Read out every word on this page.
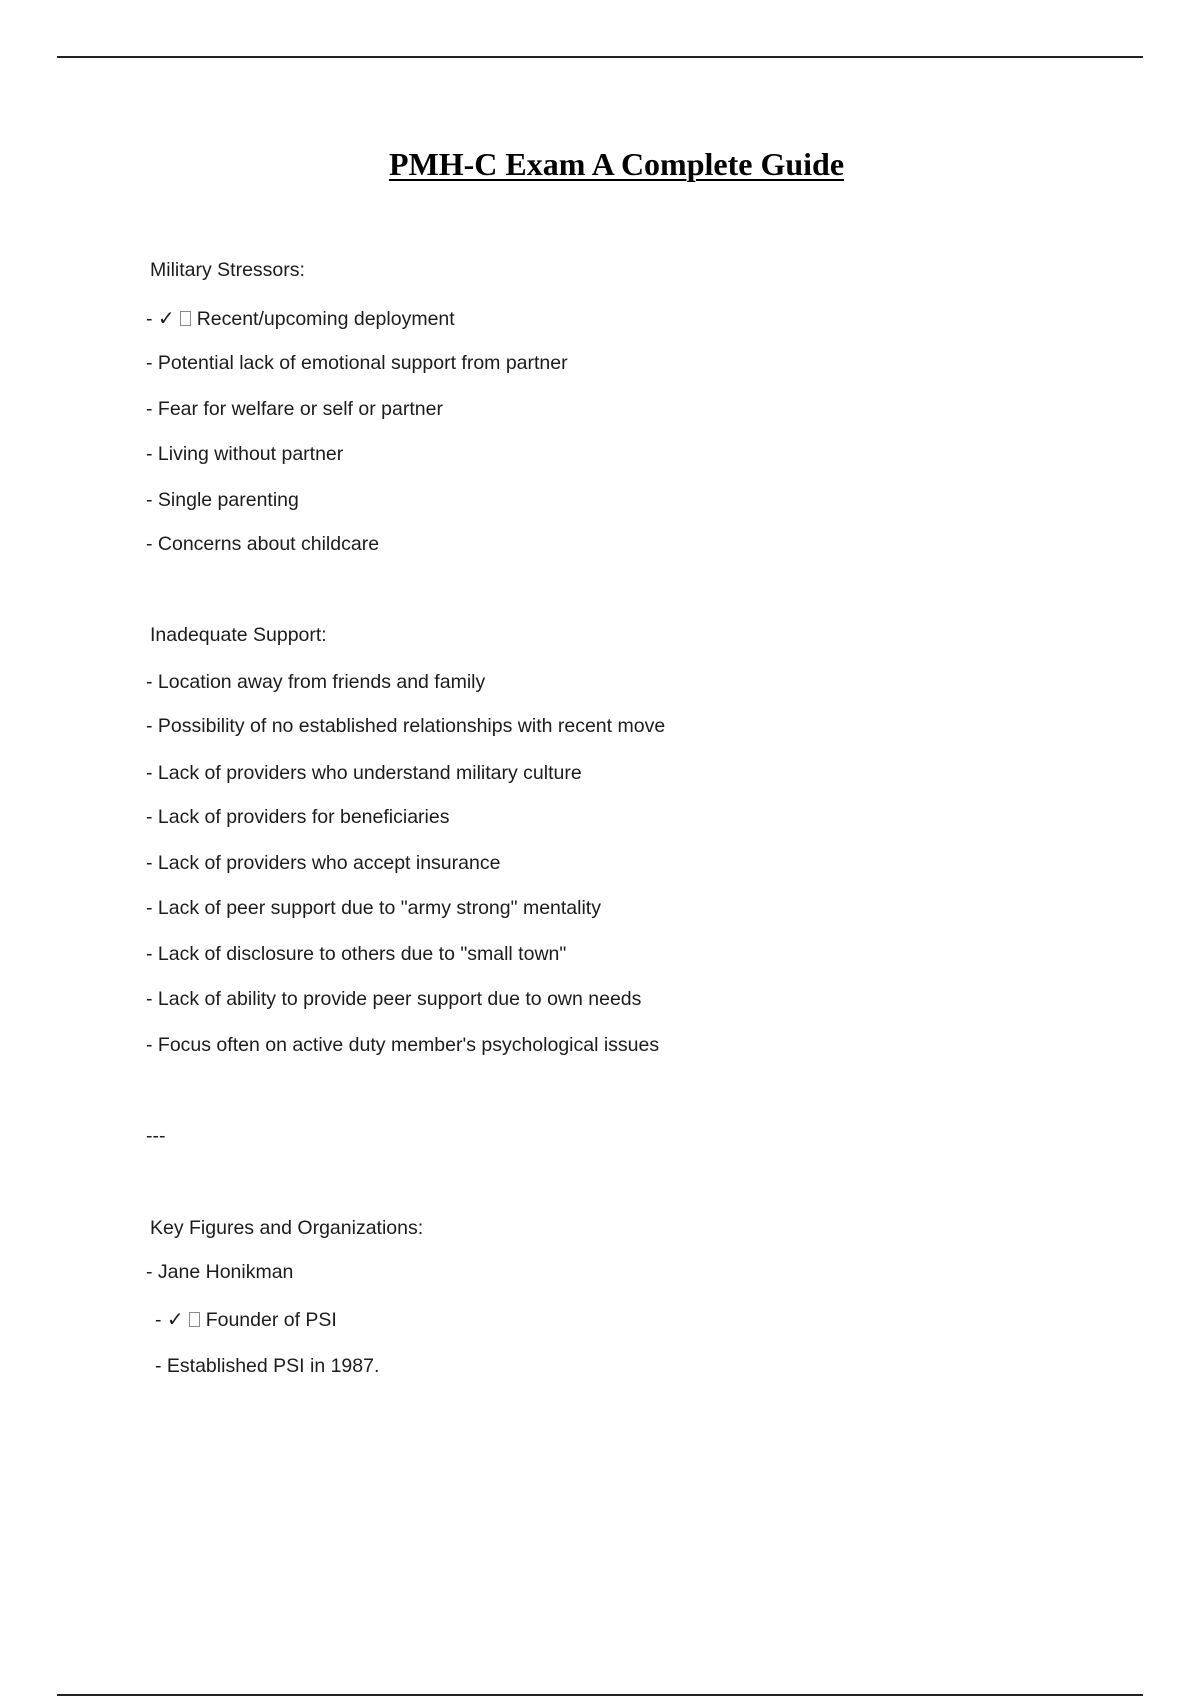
PMH-C Exam A Complete Guide
Military Stressors:
- ✓ Recent/upcoming deployment
- Potential lack of emotional support from partner
- Fear for welfare or self or partner
- Living without partner
- Single parenting
- Concerns about childcare
Inadequate Support:
- Location away from friends and family
- Possibility of no established relationships with recent move
- Lack of providers who understand military culture
- Lack of providers for beneficiaries
- Lack of providers who accept insurance
- Lack of peer support due to "army strong" mentality
- Lack of disclosure to others due to "small town"
- Lack of ability to provide peer support due to own needs
- Focus often on active duty member's psychological issues
---
Key Figures and Organizations:
- Jane Honikman
- ✓ Founder of PSI
- Established PSI in 1987.
